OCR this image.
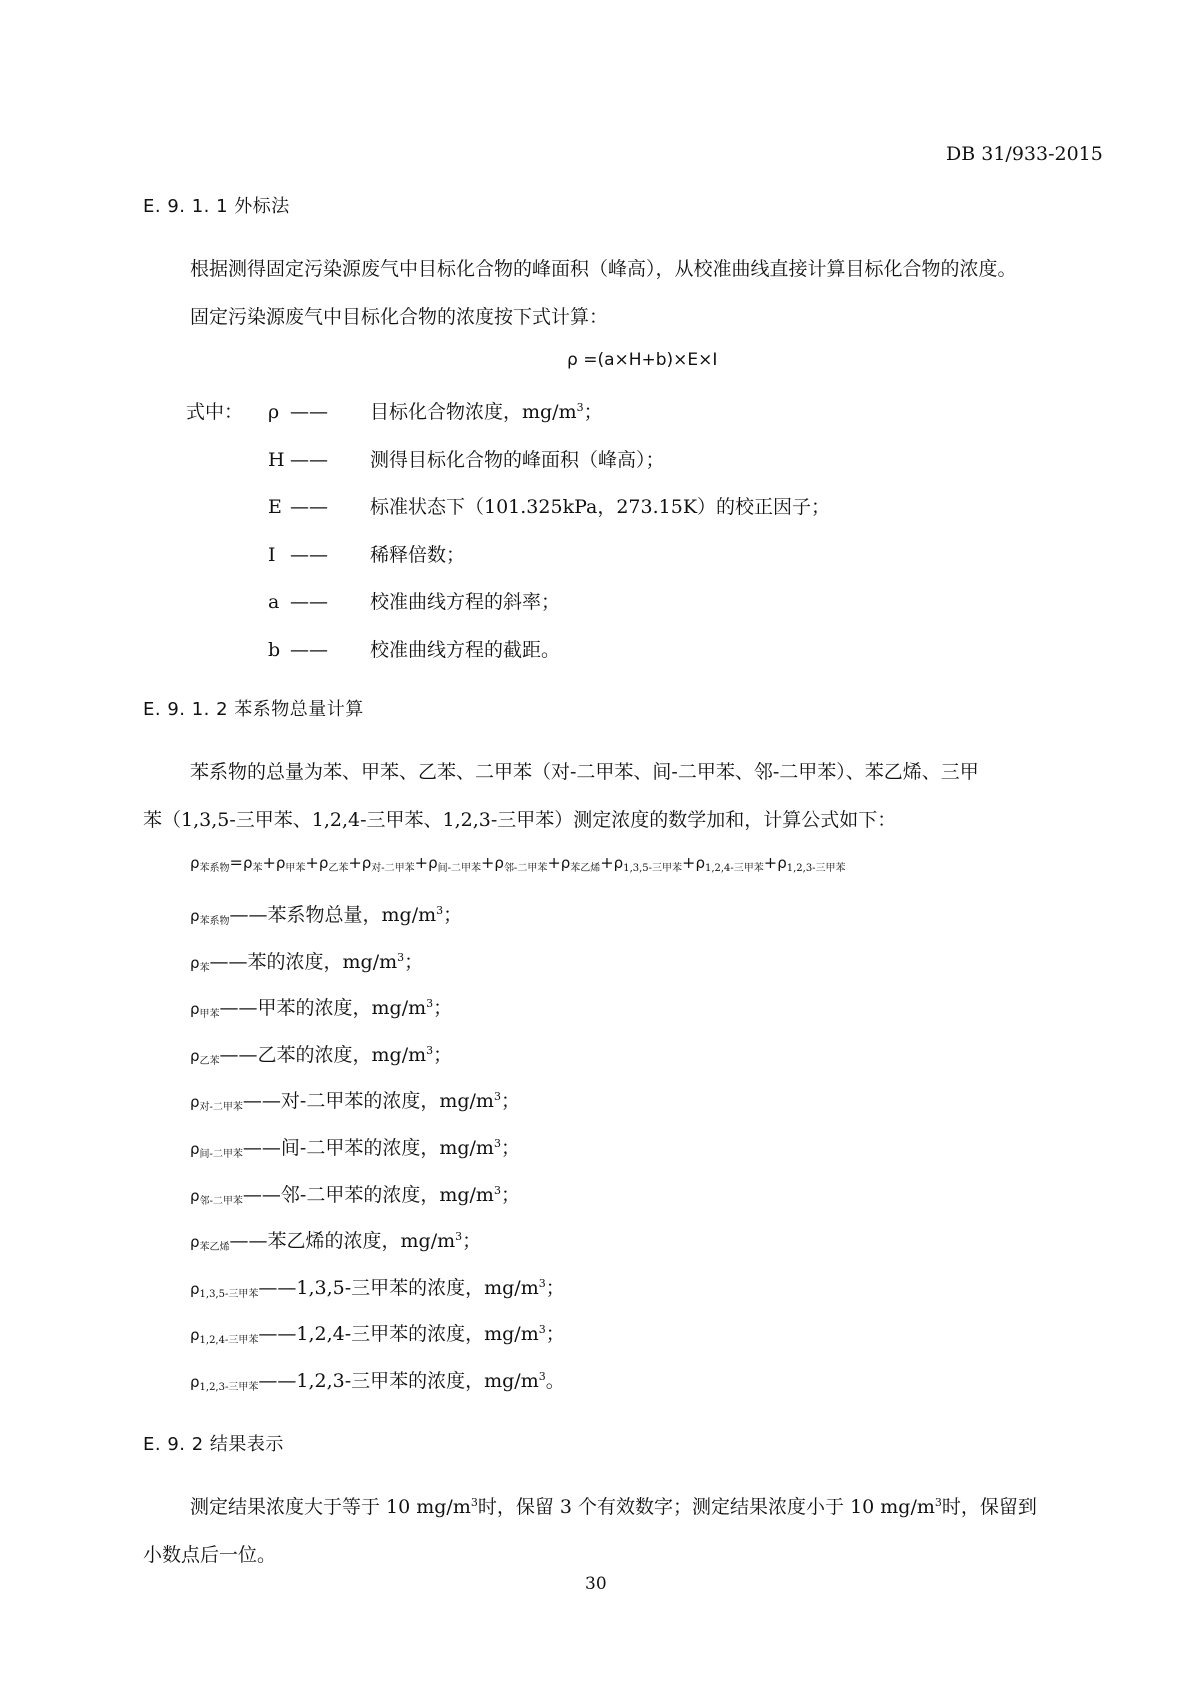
DB 31/933-2015
E. 9. 1. 1 外标法
根据测得固定污染源废气中目标化合物的峰面积（峰高），从校准曲线直接计算目标化合物的浓度。
固定污染源废气中目标化合物的浓度按下式计算：
ρ =(a×H+b)×E×I
式中： ρ —— 目标化合物浓度，$mg/m^3$；
H —— 测得目标化合物的峰面积（峰高）；
E —— 标准状态下（101.325kPa，273.15K）的校正因子；
I —— 稀释倍数；
a —— 校准曲线方程的斜率；
b —— 校准曲线方程的截距。
E. 9. 1. 2 苯系物总量计算
苯系物的总量为苯、甲苯、乙苯、二甲苯（对-二甲苯、间-二甲苯、邻-二甲苯）、苯乙烯、三甲
苯（1,3,5-三甲苯、1,2,4-三甲苯、1,2,3-三甲苯）测定浓度的数学加和，计算公式如下：
$\rho_{苯系物}=\rho_苯+\rho_{甲苯}+\rho_{乙苯}+\rho_{对-二甲苯}+\rho_{间-二甲苯}+\rho_{邻-二甲苯}+\rho_{苯乙烯}+\rho_{1,3,5-三甲苯}+\rho_{1,2,4-三甲苯}+\rho_{1,2,3-三甲苯}$
$\rho_{苯系物}——$苯系物总量，$mg/m^3$；
$\rho_苯——$苯的浓度，$mg/m^3$；
$\rho_{甲苯}——$甲苯的浓度，$mg/m^3$；
$\rho_{乙苯}——$乙苯的浓度，$mg/m^3$；
$\rho_{对-二甲苯}——$对-二甲苯的浓度，$mg/m^3$；
$\rho_{间-二甲苯}——$间-二甲苯的浓度，$mg/m^3$；
$\rho_{邻-二甲苯}——$邻-二甲苯的浓度，$mg/m^3$；
$\rho_{苯乙烯}——$苯乙烯的浓度，$mg/m^3$；
$\rho_{1,3,5-三甲苯}——1,3,5-$三甲苯的浓度，$mg/m^3$；
$\rho_{1,2,4-三甲苯}——1,2,4-$三甲苯的浓度，$mg/m^3$；
$\rho_{1,2,3-三甲苯}——1,2,3-$三甲苯的浓度，$mg/m^3$。
E. 9. 2 结果表示
测定结果浓度大于等于 10 $mg/m^3$时，保留 3 个有效数字；测定结果浓度小于 10 $mg/m^3$时，保留到
小数点后一位。
30
